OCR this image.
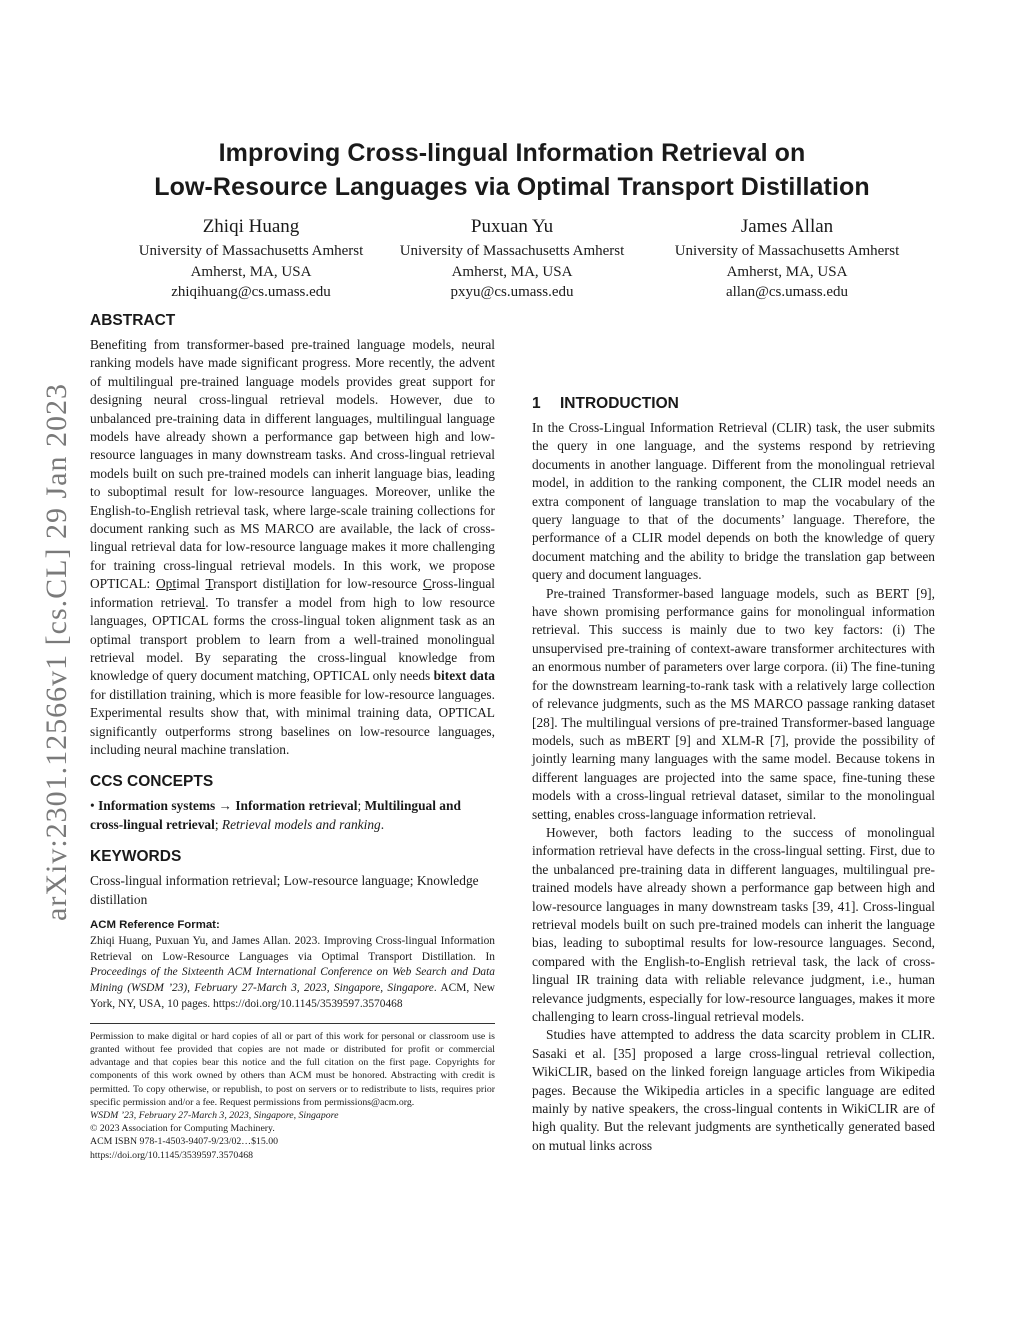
Improving Cross-lingual Information Retrieval on
Low-Resource Languages via Optimal Transport Distillation
Zhiqi Huang
University of Massachusetts Amherst
Amherst, MA, USA
zhiqihuang@cs.umass.edu
Puxuan Yu
University of Massachusetts Amherst
Amherst, MA, USA
pxyu@cs.umass.edu
James Allan
University of Massachusetts Amherst
Amherst, MA, USA
allan@cs.umass.edu
arXiv:2301.12566v1 [cs.CL] 29 Jan 2023
ABSTRACT

Benefiting from transformer-based pre-trained language models, neural ranking models have made significant progress. More recently, the advent of multilingual pre-trained language models provides great support for designing neural cross-lingual retrieval models. However, due to unbalanced pre-training data in different languages, multilingual language models have already shown a performance gap between high and low-resource languages in many downstream tasks. And cross-lingual retrieval models built on such pre-trained models can inherit language bias, leading to suboptimal result for low-resource languages. Moreover, unlike the English-to-English retrieval task, where large-scale training collections for document ranking such as MS MARCO are available, the lack of cross-lingual retrieval data for low-resource language makes it more challenging for training cross-lingual retrieval models. In this work, we propose OPTICAL: Optimal Transport distillation for low-resource Cross-lingual information retrieval. To transfer a model from high to low resource languages, OPTICAL forms the cross-lingual token alignment task as an optimal transport problem to learn from a well-trained monolingual retrieval model. By separating the cross-lingual knowledge from knowledge of query document matching, OPTICAL only needs bitext data for distillation training, which is more feasible for low-resource languages. Experimental results show that, with minimal training data, OPTICAL significantly outperforms strong baselines on low-resource languages, including neural machine translation.

CCS CONCEPTS

• Information systems → Information retrieval; Multilingual and cross-lingual retrieval; Retrieval models and ranking.

KEYWORDS

Cross-lingual information retrieval; Low-resource language; Knowledge distillation

ACM Reference Format:

Zhiqi Huang, Puxuan Yu, and James Allan. 2023. Improving Cross-lingual Information Retrieval on Low-Resource Languages via Optimal Transport Distillation. In Proceedings of the Sixteenth ACM International Conference on Web Search and Data Mining (WSDM ’23), February 27-March 3, 2023, Singapore, Singapore. ACM, New York, NY, USA, 10 pages. https://doi.org/10.1145/3539597.3570468

Permission to make digital or hard copies of all or part of this work for personal or classroom use is granted without fee provided that copies are not made or distributed for profit or commercial advantage and that copies bear this notice and the full citation on the first page. Copyrights for components of this work owned by others than ACM must be honored. Abstracting with credit is permitted. To copy otherwise, or republish, to post on servers or to redistribute to lists, requires prior specific permission and/or a fee. Request permissions from permissions@acm.org.

WSDM ’23, February 27-March 3, 2023, Singapore, Singapore

© 2023 Association for Computing Machinery.

ACM ISBN 978-1-4503-9407-9/23/02…$15.00

https://doi.org/10.1145/3539597.3570468

1 INTRODUCTION

In the Cross-Lingual Information Retrieval (CLIR) task, the user submits the query in one language, and the systems respond by retrieving documents in another language. Different from the monolingual retrieval model, in addition to the ranking component, the CLIR model needs an extra component of language translation to map the vocabulary of the query language to that of the documents’ language. Therefore, the performance of a CLIR model depends on both the knowledge of query document matching and the ability to bridge the translation gap between query and document languages.

Pre-trained Transformer-based language models, such as BERT [9], have shown promising performance gains for monolingual information retrieval. This success is mainly due to two key factors: (i) The unsupervised pre-training of context-aware transformer architectures with an enormous number of parameters over large corpora. (ii) The fine-tuning for the downstream learning-to-rank task with a relatively large collection of relevance judgments, such as the MS MARCO passage ranking dataset [28]. The multilingual versions of pre-trained Transformer-based language models, such as mBERT [9] and XLM-R [7], provide the possibility of jointly learning many languages with the same model. Because tokens in different languages are projected into the same space, fine-tuning these models with a cross-lingual retrieval dataset, similar to the monolingual setting, enables cross-language information retrieval.

However, both factors leading to the success of monolingual information retrieval have defects in the cross-lingual setting. First, due to the unbalanced pre-training data in different languages, multilingual pre-trained models have already shown a performance gap between high and low-resource languages in many downstream tasks [39, 41]. Cross-lingual retrieval models built on such pre-trained models can inherit the language bias, leading to suboptimal results for low-resource languages. Second, compared with the English-to-English retrieval task, the lack of cross-lingual IR training data with reliable relevance judgment, i.e., human relevance judgments, especially for low-resource languages, makes it more challenging to learn cross-lingual retrieval models.

Studies have attempted to address the data scarcity problem in CLIR. Sasaki et al. [35] proposed a large cross-lingual retrieval collection, WikiCLIR, based on the linked foreign language articles from Wikipedia pages. Because the Wikipedia articles in a specific language are edited mainly by native speakers, the cross-lingual contents in WikiCLIR are of high quality. But the relevant judgments are synthetically generated based on mutual links across
